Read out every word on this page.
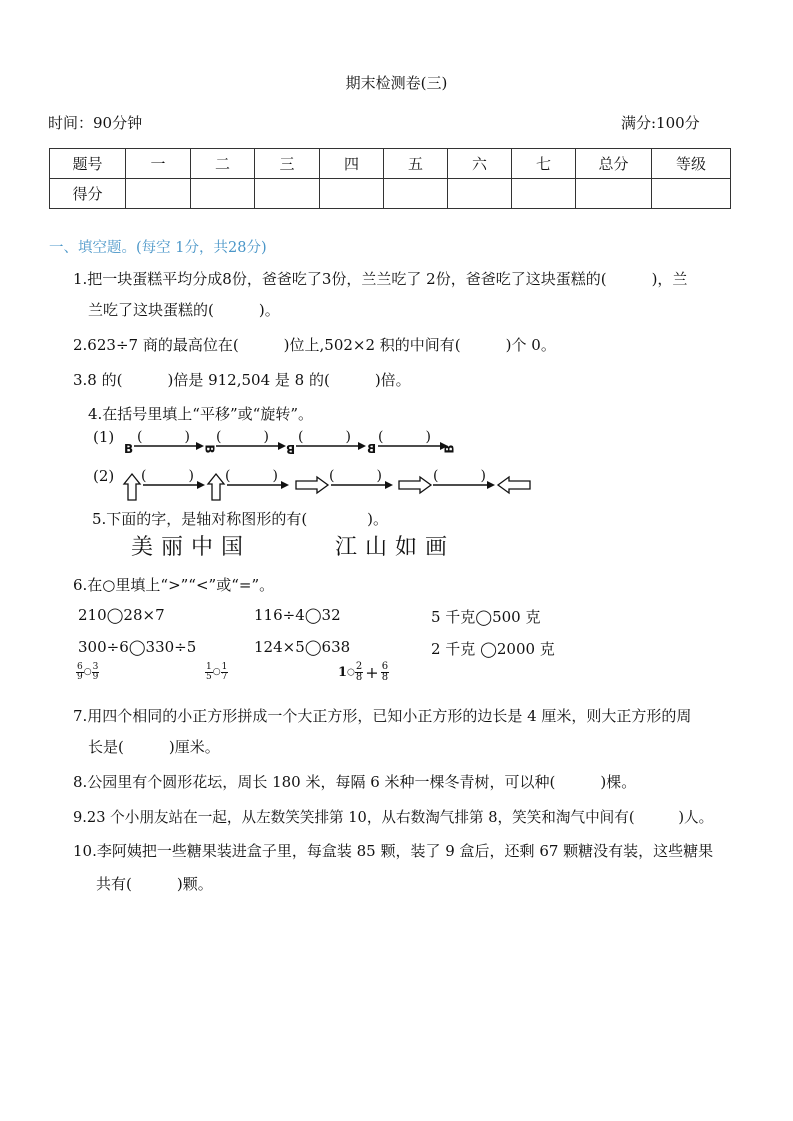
期末检测卷(三)
时间：90分钟	满分:100分
题号	一	二	三	四	五	六	七	总分	等级
得分									
一、填空题。(每空 1分，共28分)
1.把一块蛋糕平均分成8份，爸爸吃了3份，兰兰吃了 2份，爸爸吃了这块蛋糕的(　　　)，兰
兰吃了这块蛋糕的(　　　)。
2.623÷7 商的最高位在(　　　)位上,502×2 积的中间有(　　　)个 0。
3.8 的(　　　)倍是 912,504 是 8 的(　　　)倍。
4.在括号里填上“平移”或“旋转”。
(1)
B
(　　　)
B
(　　　)
B
(　　　)
B
(　　　)
B
(2) (　　　) (　　　)	(　　　)	(　　　)
5.下面的字，是轴对称图形的有(　　　　)。
美丽中国	江山如画
6.在○里填上“>”“<”或“=”。
210◯28×7	116÷4◯32	5 千克◯500 克
300÷6◯330÷5	124×5◯638	2 千克 ◯2000 克
$\frac{6}{9}$ ○ $\frac{3}{9}$	$\frac{1}{5}$ ○ $\frac{1}{7}$	1○ $\frac{2}{8} + \frac{6}{8}$
7.用四个相同的小正方形拼成一个大正方形，已知小正方形的边长是 4 厘米，则大正方形的周
长是(　　　)厘米。
8.公园里有个圆形花坛，周长 180 米，每隔 6 米种一棵冬青树，可以种(　　　)棵。
9.23 个小朋友站在一起，从左数笑笑排第 10，从右数淘气排第 8，笑笑和淘气中间有(　　　)人。
10.李阿姨把一些糖果装进盒子里，每盒装 85 颗，装了 9 盒后，还剩 67 颗糖没有装，这些糖果
共有(　　　)颗。
